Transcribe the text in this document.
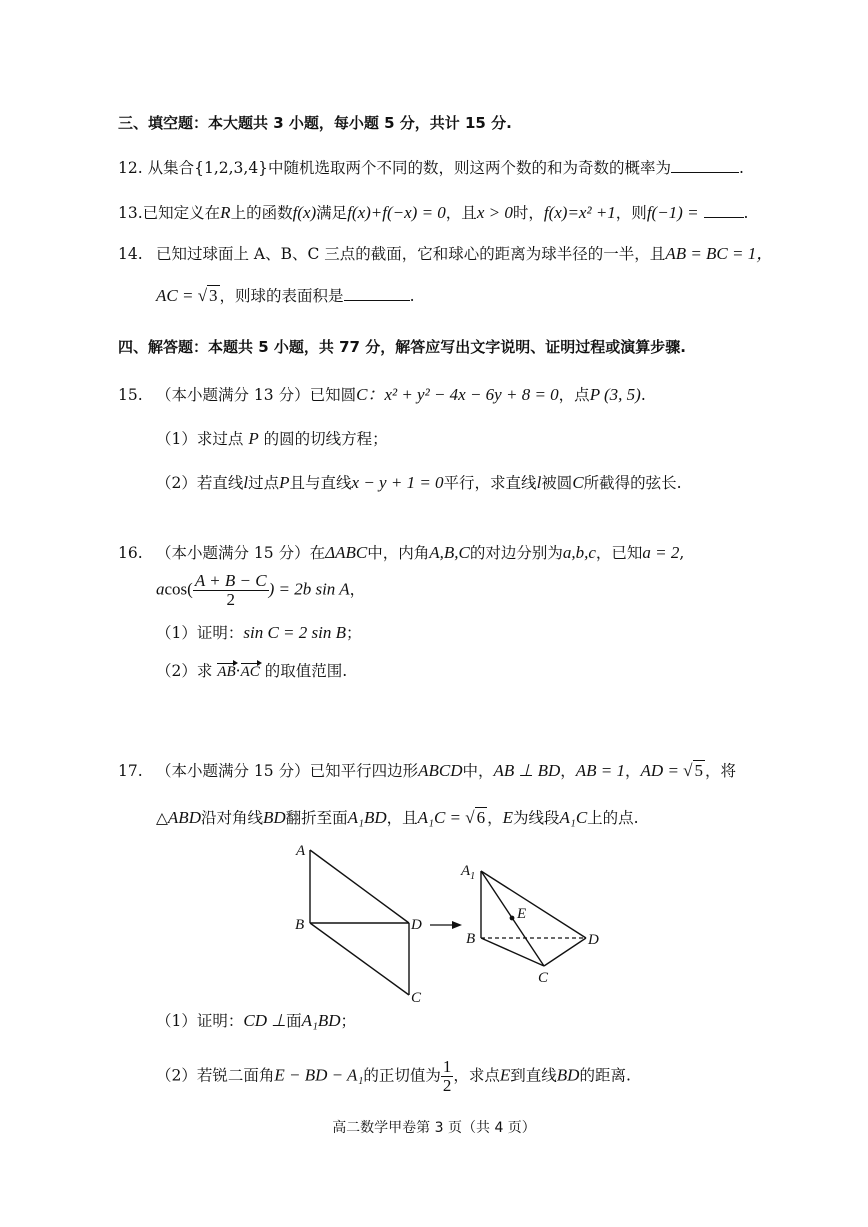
三、填空题：本大题共 3 小题，每小题 5 分，共计 15 分.
12. 从集合{1,2,3,4}中随机选取两个不同的数，则这两个数的和为奇数的概率为	.
13.已知定义在R上的函数f(x)满足f(x)+f(−x) = 0，且x > 0时，f(x)=x² +1，则f(−1) =	.
14. 已知过球面上 A、B、C 三点的截面，它和球心的距离为球半径的一半，且AB = BC = 1，
AC = √ 3 ，则球的表面积是	.
四、解答题：本题共 5 小题，共 77 分，解答应写出文字说明、证明过程或演算步骤.
15. （本小题满分 13 分）已知圆C：x² + y² − 4x − 6y + 8 = 0，点P (3, 5).
（1）求过点 P 的圆的切线方程；
（2）若直线l过点P且与直线x − y + 1 = 0平行，求直线l被圆C所截得的弦长.
16. （本小题满分 15 分）在ΔABC中，内角A,B,C的对边分别为a,b,c，已知a = 2,
$acos( \frac{A + B - C}{2}$ ) = 2b sin A，
（1）证明：sin C = 2 sin B；
（2）求 AB·AC 的取值范围.
17. （本小题满分 15 分）已知平行四边形ABCD中，AB ⊥ BD，AB = 1，AD = √ 5 ，将
△ABD沿对角线BD翻折至面A₁BD，且A₁C = √ 6 ，E为线段A₁C上的点.
A
B	D
C
$A_1$
B	D
C
E
（1）证明：CD ⊥面A₁BD；
（2）若锐二面角E − BD − A₁的正切值为 $\frac{1}{2}$ ，求点E到直线BD的距离.
高二数学甲卷第 3 页（共 4 页）
